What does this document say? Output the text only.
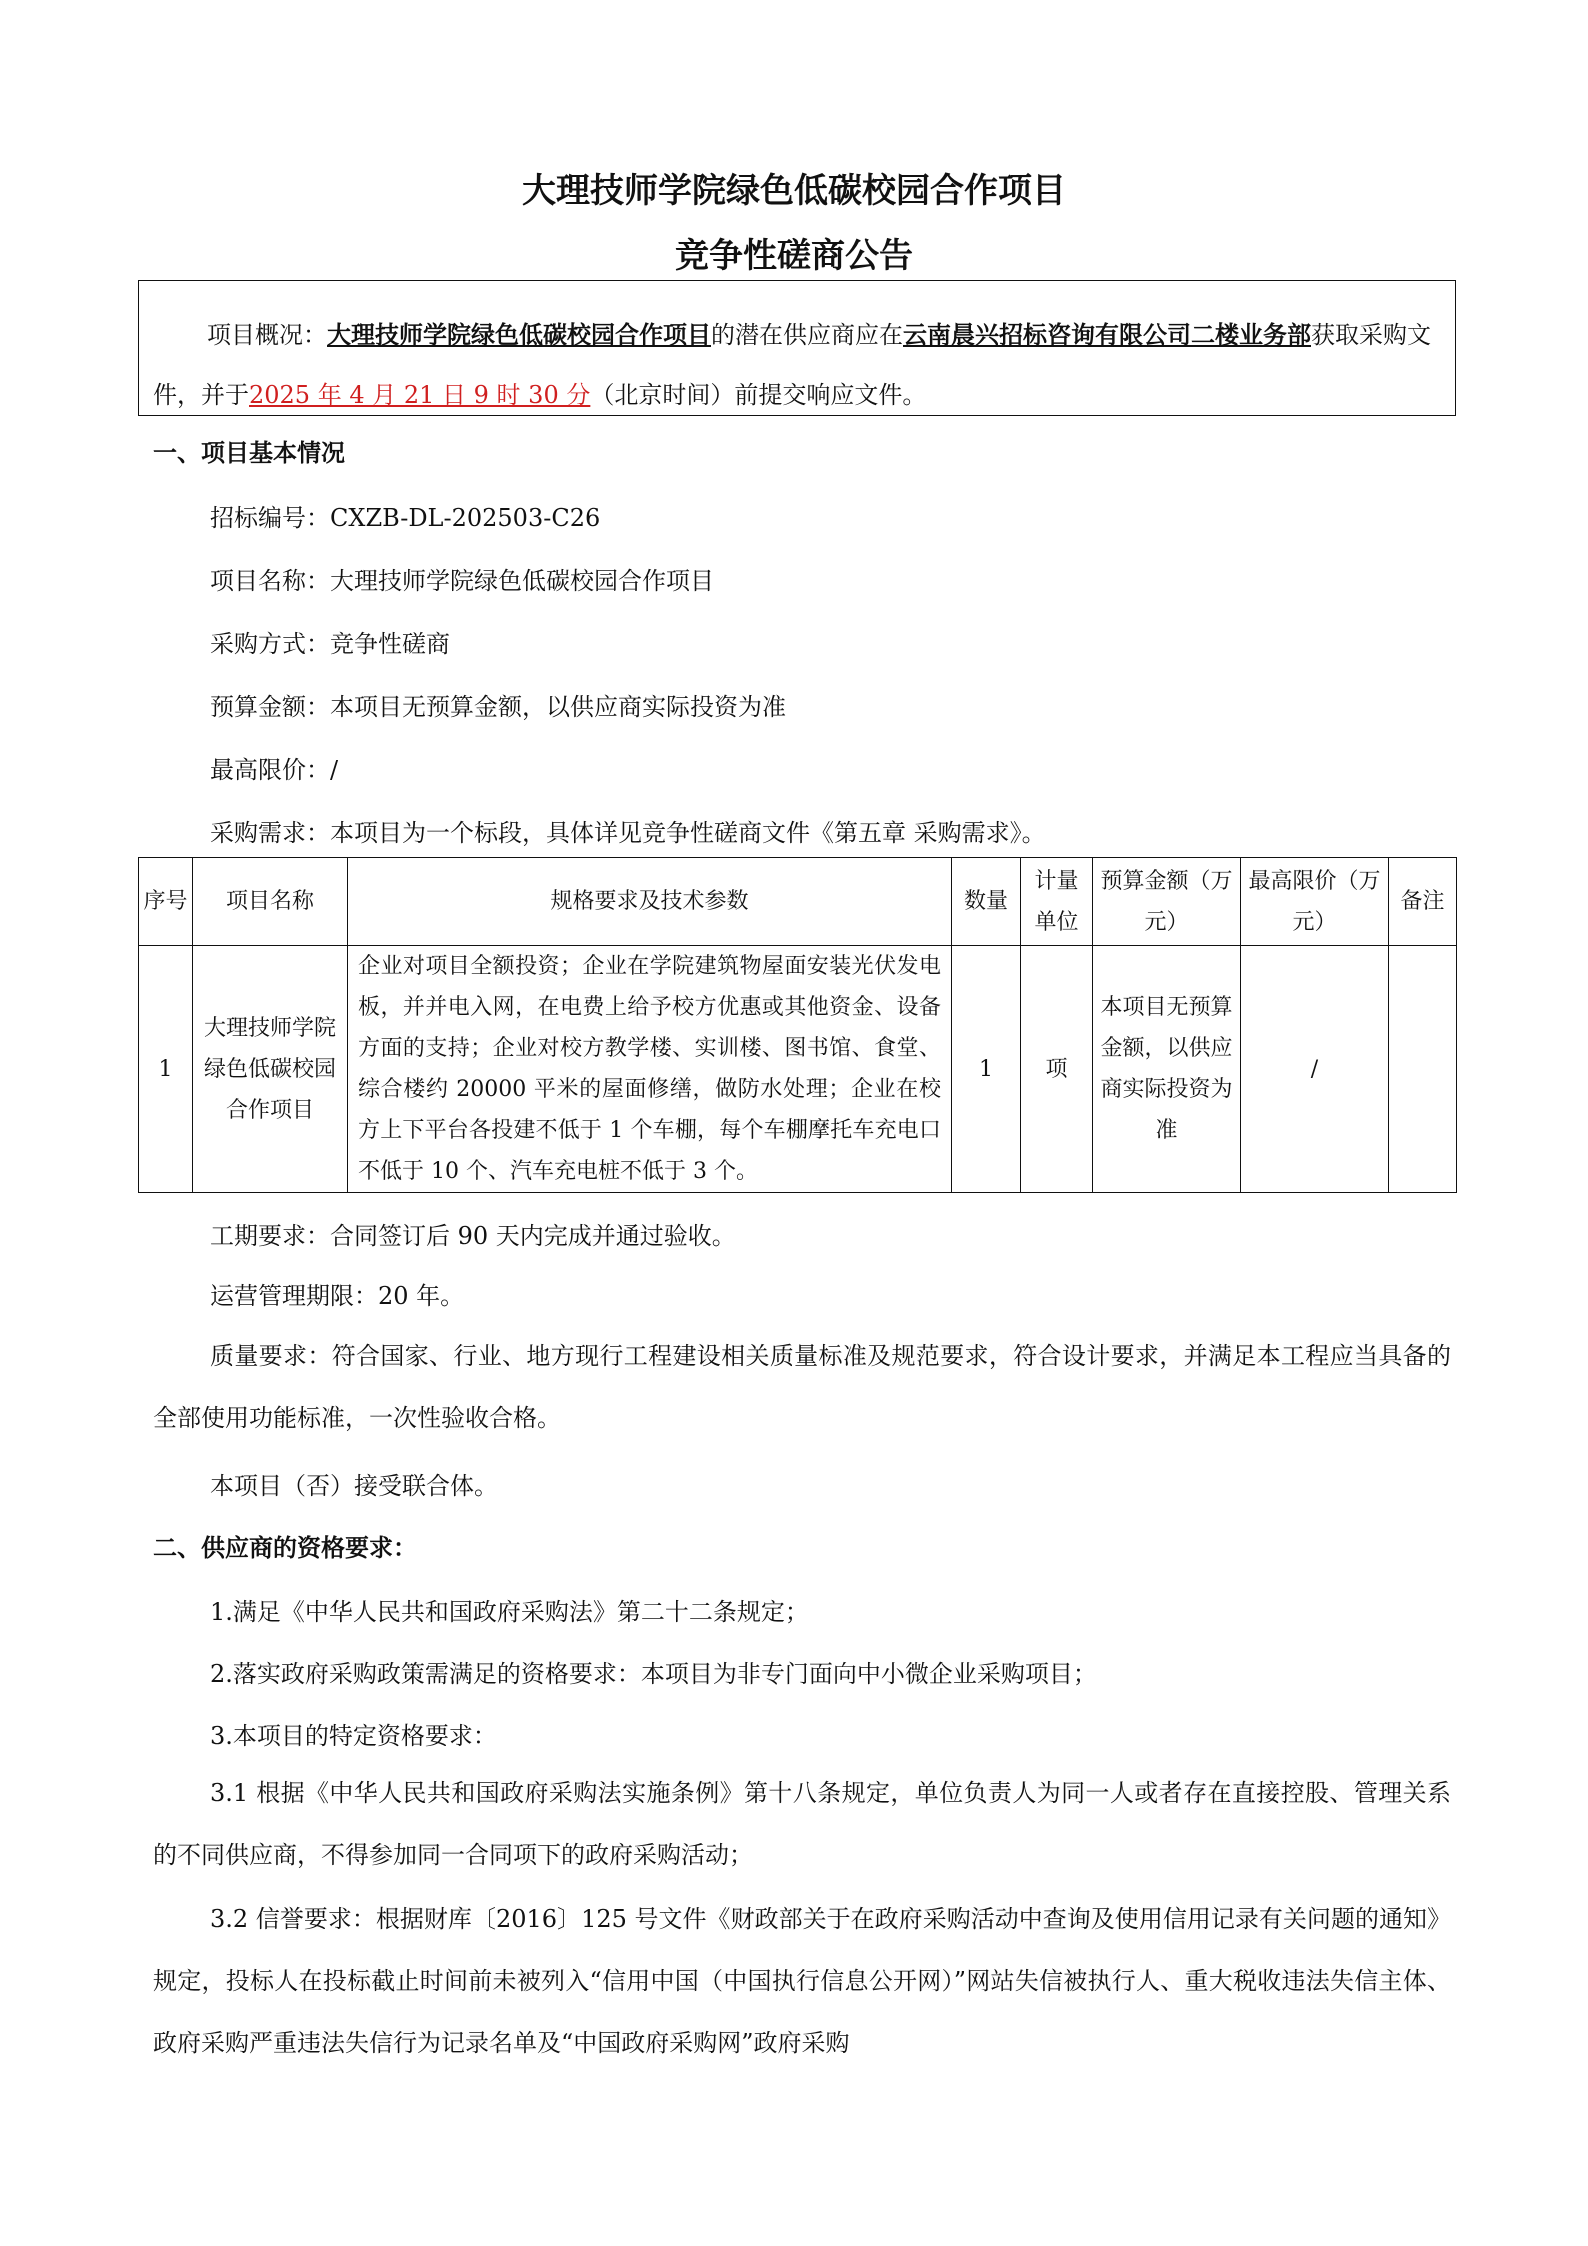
大理技师学院绿色低碳校园合作项目
竞争性磋商公告

项目概况：大理技师学院绿色低碳校园合作项目的潜在供应商应在云南晨兴招标咨询有限公司二楼业务部获取采购文件，并于2025 年 4 月 21 日 9 时 30 分（北京时间）前提交响应文件。

一、项目基本情况
招标编号：CXZB-DL-202503-C26
项目名称：大理技师学院绿色低碳校园合作项目
采购方式：竞争性磋商
预算金额：本项目无预算金额，以供应商实际投资为准
最高限价：/
采购需求：本项目为一个标段，具体详见竞争性磋商文件《第五章 采购需求》。
序号	项目名称	规格要求及技术参数	数量	计量单位	预算金额（万元）	最高限价（万元）	备注
1	大理技师学院绿色低碳校园合作项目	企业对项目全额投资；企业在学院建筑物屋面安装光伏发电板，并并电入网，在电费上给予校方优惠或其他资金、设备方面的支持；企业对校方教学楼、实训楼、图书馆、食堂、综合楼约 20000 平米的屋面修缮，做防水处理；企业在校方上下平台各投建不低于 1 个车棚，每个车棚摩托车充电口不低于 10 个、汽车充电桩不低于 3 个。	1	项	本项目无预算金额，以供应商实际投资为准	/	
工期要求：合同签订后 90 天内完成并通过验收。
运营管理期限：20 年。

质量要求：符合国家、行业、地方现行工程建设相关质量标准及规范要求，符合设计要求，并满足本工程应当具备的全部使用功能标准，一次性验收合格。

本项目（否）接受联合体。
二、供应商的资格要求：
1.满足《中华人民共和国政府采购法》第二十二条规定；
2.落实政府采购政策需满足的资格要求：本项目为非专门面向中小微企业采购项目；
3.本项目的特定资格要求：

3.1 根据《中华人民共和国政府采购法实施条例》第十八条规定，单位负责人为同一人或者存在直接控股、管理关系的不同供应商，不得参加同一合同项下的政府采购活动；

3.2 信誉要求：根据财库〔2016〕125 号文件《财政部关于在政府采购活动中查询及使用信用记录有关问题的通知》规定，投标人在投标截止时间前未被列入“信用中国（中国执行信息公开网）”网站失信被执行人、重大税收违法失信主体、政府采购严重违法失信行为记录名单及“中国政府采购网”政府采购
